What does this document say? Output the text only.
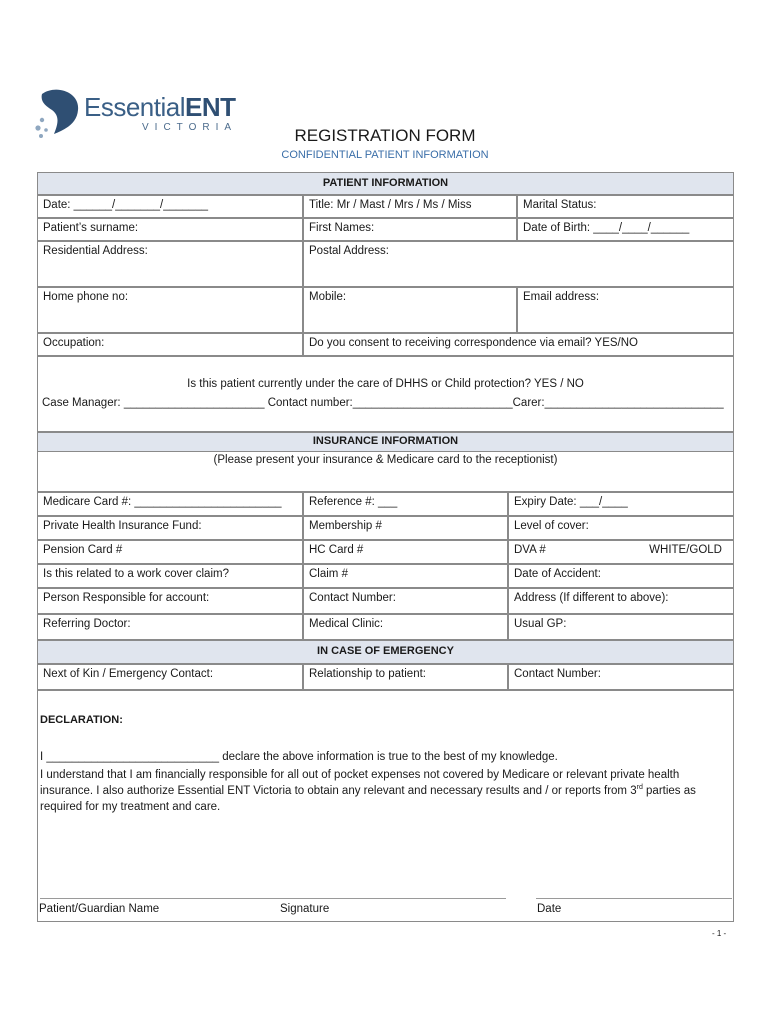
EssentialENT
VICTORIA	REGISTRATION FORM
CONFIDENTIAL PATIENT INFORMATION
PATIENT INFORMATION
Date: ______/_______/_______	Title: Mr / Mast / Mrs / Ms / Miss	Marital Status:
Patient’s surname:	First Names:	Date of Birth: ____/____/______
Residential Address:	Postal Address:
Home phone no:	Mobile:	Email address:
Occupation:	Do you consent to receiving correspondence via email? YES/NO
Is this patient currently under the care of DHHS or Child protection? YES / NO
Case Manager: ______________________ Contact number:_________________________Carer:____________________________
INSURANCE INFORMATION
(Please present your insurance & Medicare card to the receptionist)
Medicare Card #: _______________________	Reference #: ___	Expiry Date: ___/____
Private Health Insurance Fund:	Membership #	Level of cover:
Pension Card #	HC Card #	DVA #	WHITE/GOLD
Is this related to a work cover claim?	Claim #	Date of Accident:
Person Responsible for account:	Contact Number:	Address (If different to above):
Referring Doctor:	Medical Clinic:	Usual GP:
IN CASE OF EMERGENCY
Next of Kin / Emergency Contact:	Relationship to patient:	Contact Number:
DECLARATION:
I ___________________________ declare the above information is true to the best of my knowledge.
I understand that I am financially responsible for all out of pocket expenses not covered by Medicare or relevant private health
insurance. I also authorize Essential ENT Victoria to obtain any relevant and necessary results and / or reports from 3rd parties as
required for my treatment and care.
Patient/Guardian Name	Signature	Date
- 1 -
